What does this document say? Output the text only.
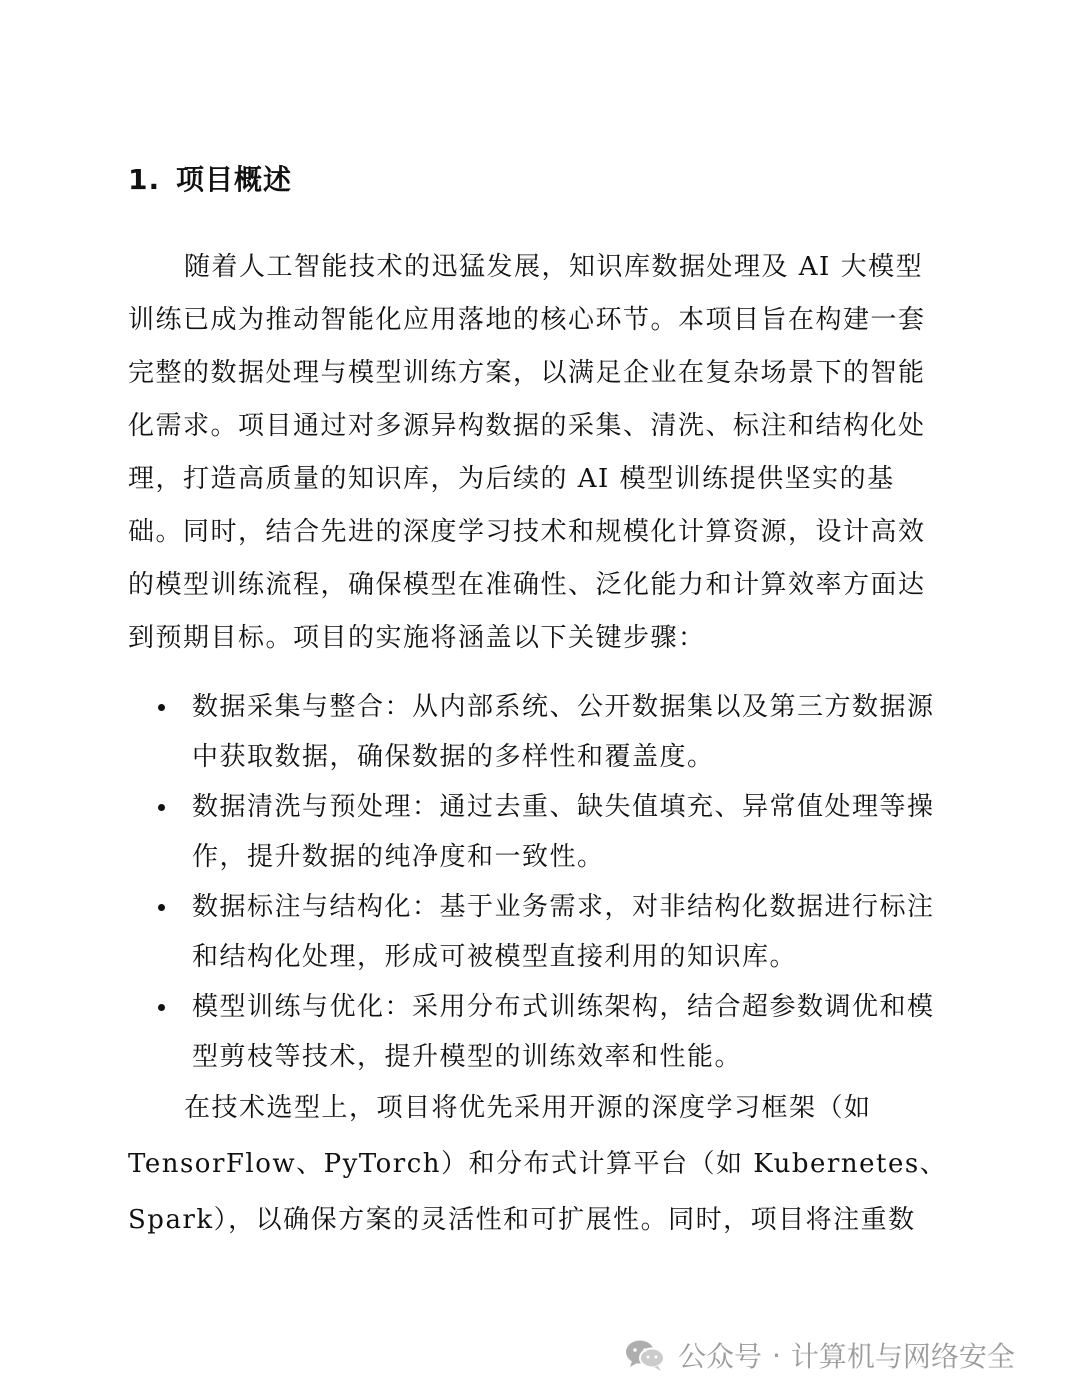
1. 项目概述
随着人工智能技术的迅猛发展，知识库数据处理及 AI 大模型
训练已成为推动智能化应用落地的核心环节。本项目旨在构建一套
完整的数据处理与模型训练方案，以满足企业在复杂场景下的智能
化需求。项目通过对多源异构数据的采集、清洗、标注和结构化处
理，打造高质量的知识库，为后续的 AI 模型训练提供坚实的基
础。同时，结合先进的深度学习技术和规模化计算资源，设计高效
的模型训练流程，确保模型在准确性、泛化能力和计算效率方面达
到预期目标。项目的实施将涵盖以下关键步骤：
数据采集与整合：从内部系统、公开数据集以及第三方数据源
中获取数据，确保数据的多样性和覆盖度。
数据清洗与预处理：通过去重、缺失值填充、异常值处理等操
作，提升数据的纯净度和一致性。
数据标注与结构化：基于业务需求，对非结构化数据进行标注
和结构化处理，形成可被模型直接利用的知识库。
模型训练与优化：采用分布式训练架构，结合超参数调优和模
型剪枝等技术，提升模型的训练效率和性能。
在技术选型上，项目将优先采用开源的深度学习框架（如
TensorFlow、PyTorch）和分布式计算平台（如 Kubernetes、
Spark），以确保方案的灵活性和可扩展性。同时，项目将注重数
公众号 · 计算机与网络安全
